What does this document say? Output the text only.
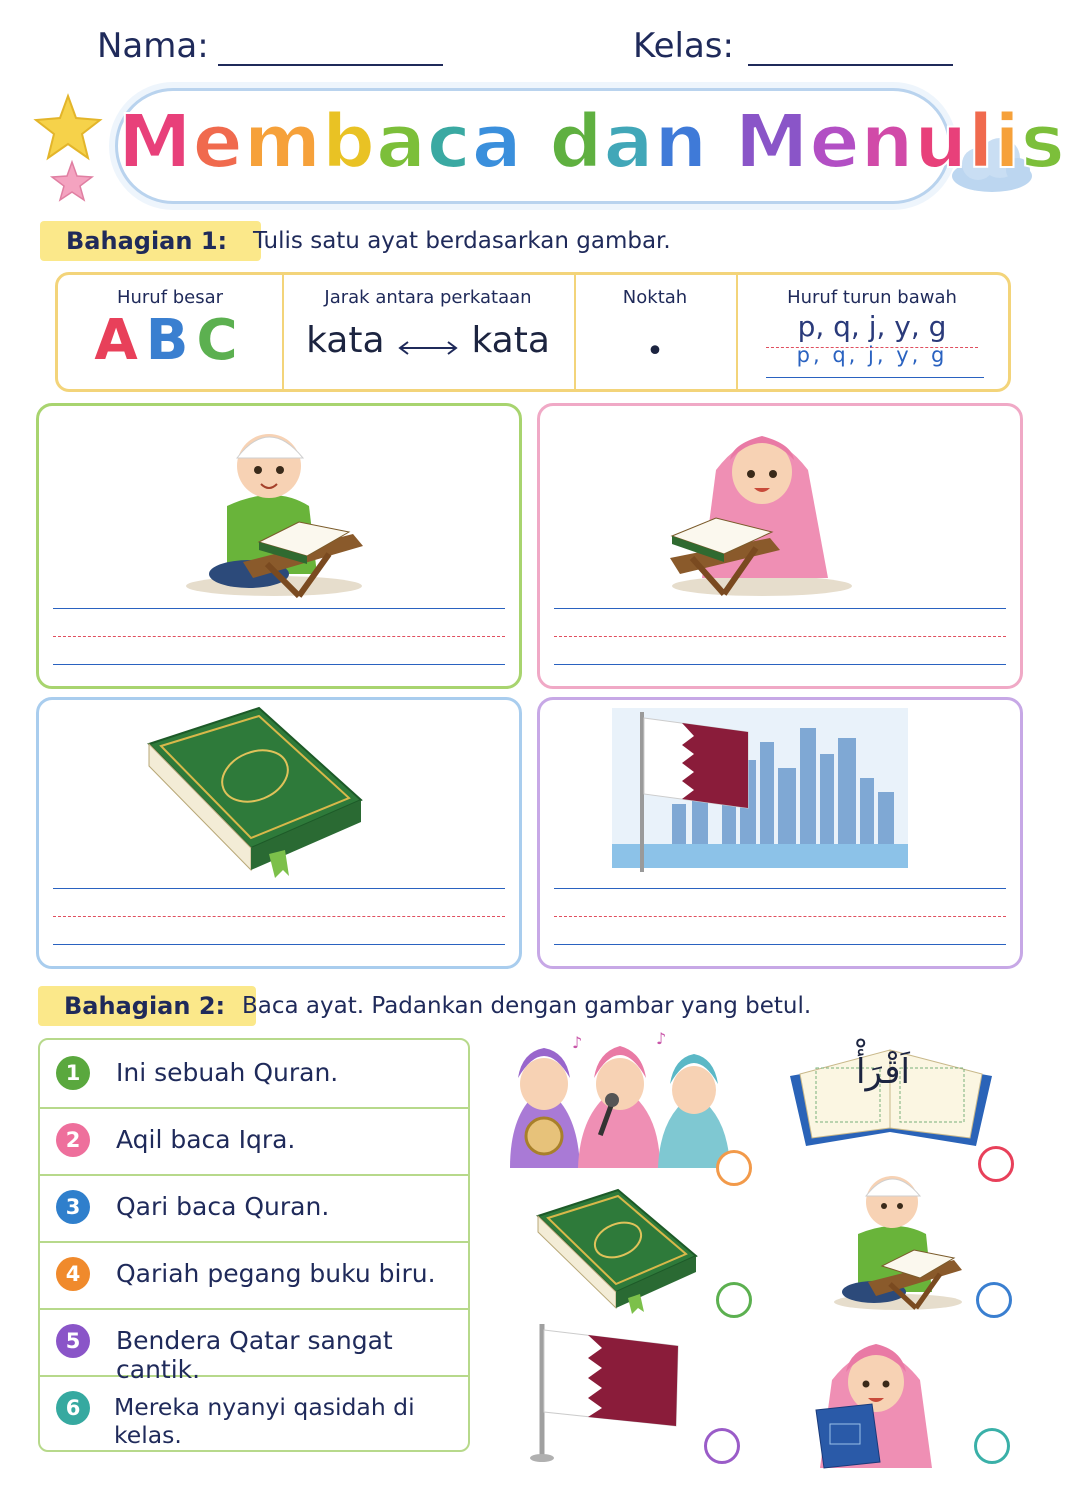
Nama:	Kelas:
Membaca dan Menulis
Bahagian 1:	Tulis satu ayat berdasarkan gambar.
Huruf besar
ABC
Jarak antara perkataan
kata kata
Noktah
•
Huruf turun bawah
p, q, j, y, g
p, q, j, y, g
Bahagian 2: Baca ayat. Padankan dengan gambar yang betul.
1	Ini sebuah Quran.
2	Aqil baca Iqra.
3	Qari baca Quran.
4	Qariah pegang buku biru.
5	Bendera Qatar sangat cantik.
6	Mereka nyanyi qasidah di kelas.
♪	♪
اَقْرَأْ
